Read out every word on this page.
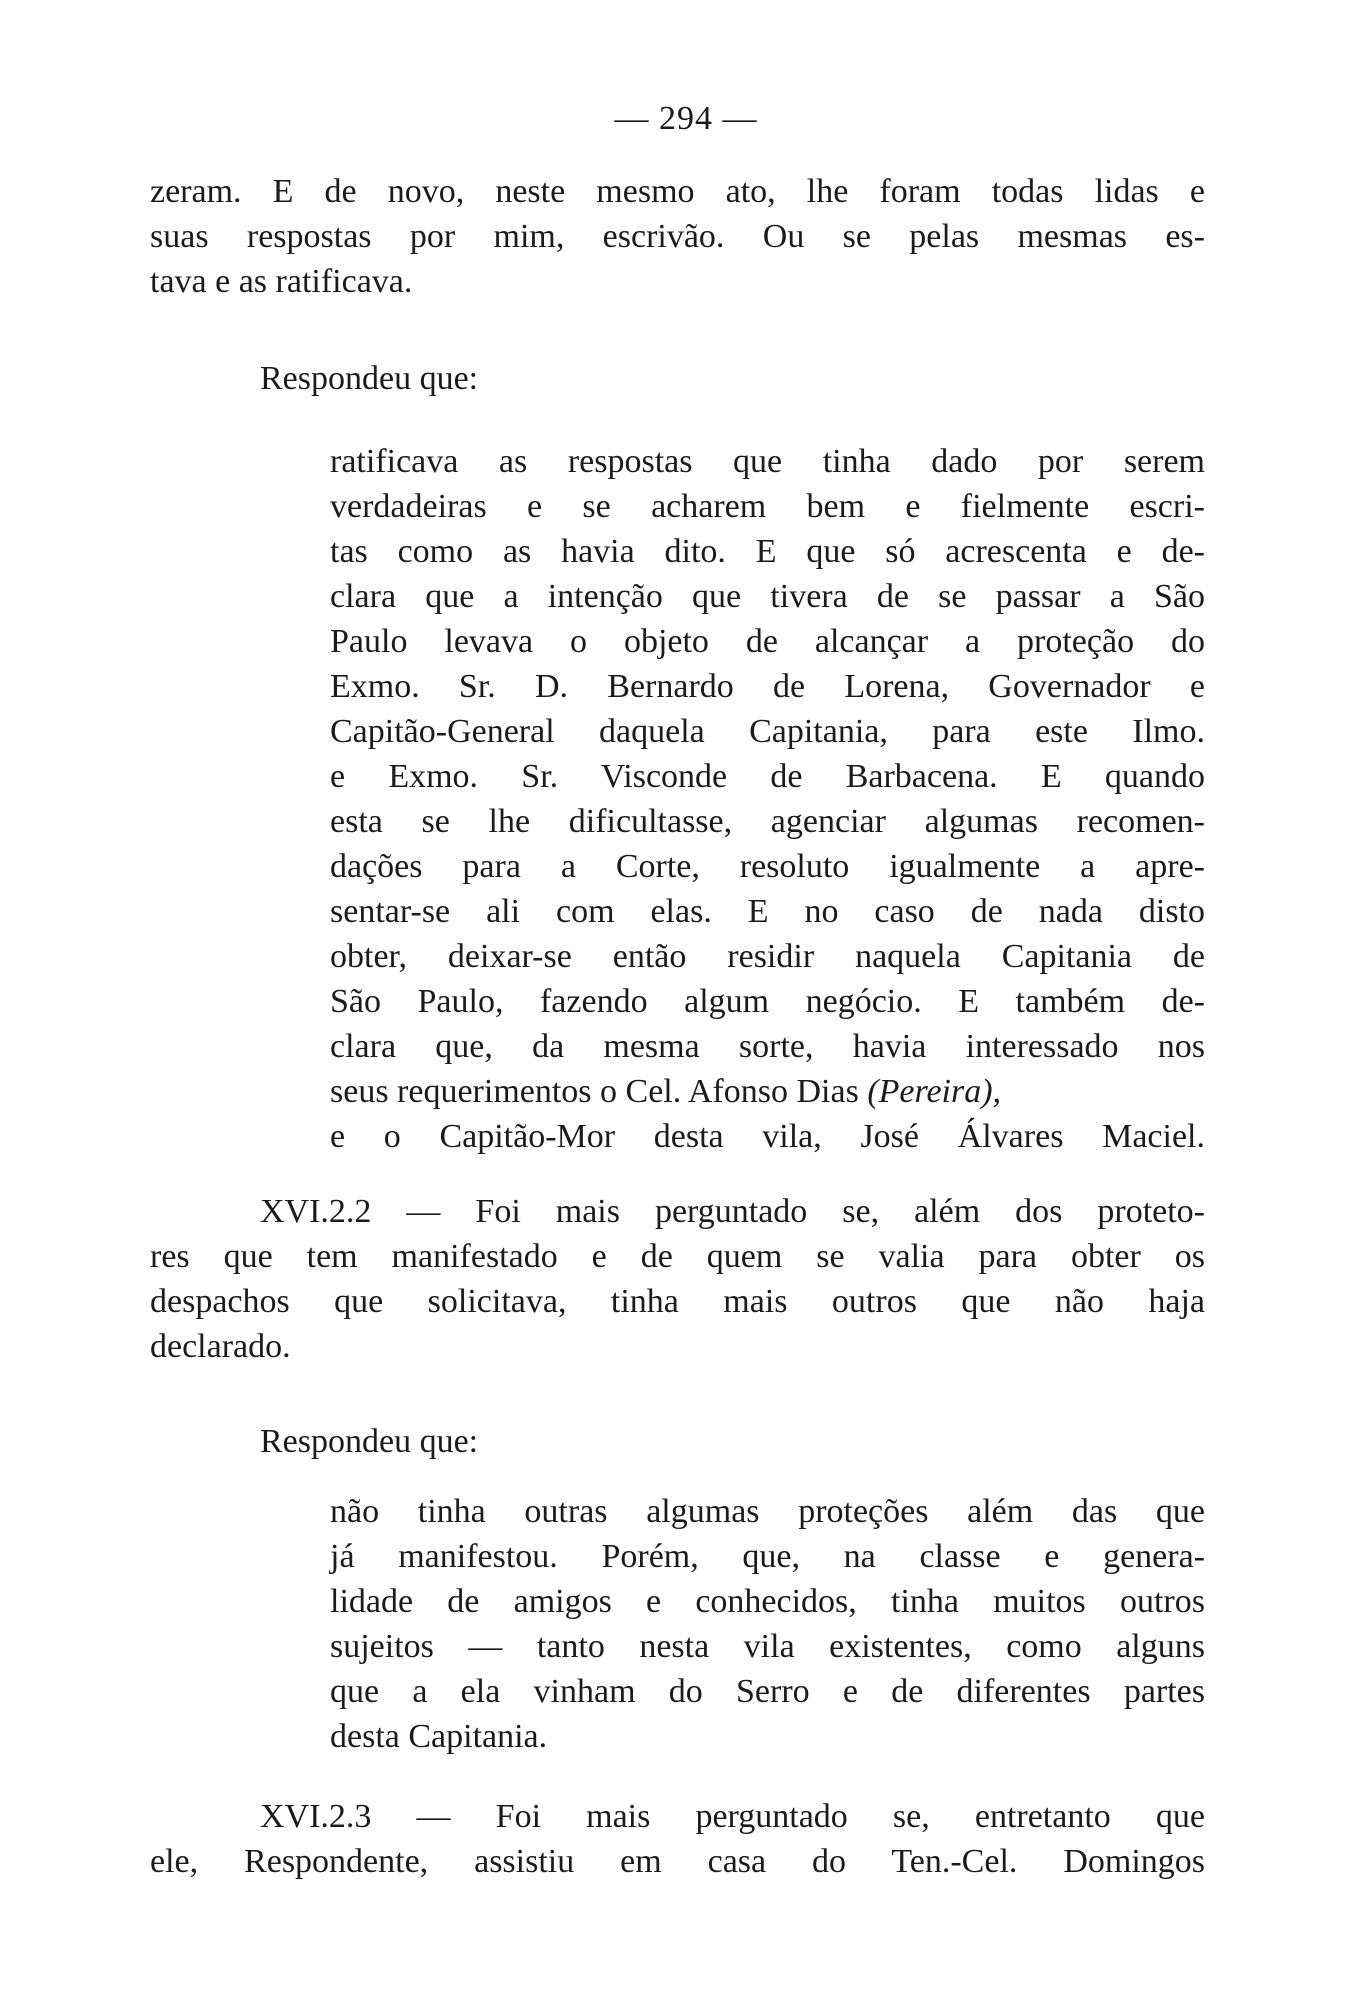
— 294 —
zeram. E de novo, neste mesmo ato, lhe foram todas lidas e
suas respostas por mim, escrivão. Ou se pelas mesmas es-
tava e as ratificava.
Respondeu que:
ratificava as respostas que tinha dado por serem
verdadeiras e se acharem bem e fielmente escri-
tas como as havia dito. E que só acrescenta e de-
clara que a intenção que tivera de se passar a São
Paulo levava o objeto de alcançar a proteção do
Exmo. Sr. D. Bernardo de Lorena, Governador e
Capitão-General daquela Capitania, para este Ilmo.
e Exmo. Sr. Visconde de Barbacena. E quando
esta se lhe dificultasse, agenciar algumas recomen-
dações para a Corte, resoluto igualmente a apre-
sentar-se ali com elas. E no caso de nada disto
obter, deixar-se então residir naquela Capitania de
São Paulo, fazendo algum negócio. E também de-
clara que, da mesma sorte, havia interessado nos
seus requerimentos o Cel. Afonso Dias (Pereira),
e o Capitão-Mor desta vila, José Álvares Maciel.
XVI.2.2 — Foi mais perguntado se, além dos proteto-
res que tem manifestado e de quem se valia para obter os
despachos que solicitava, tinha mais outros que não haja
declarado.
Respondeu que:
não tinha outras algumas proteções além das que
já manifestou. Porém, que, na classe e genera-
lidade de amigos e conhecidos, tinha muitos outros
sujeitos — tanto nesta vila existentes, como alguns
que a ela vinham do Serro e de diferentes partes
desta Capitania.
XVI.2.3 — Foi mais perguntado se, entretanto que
ele, Respondente, assistiu em casa do Ten.-Cel. Domingos
